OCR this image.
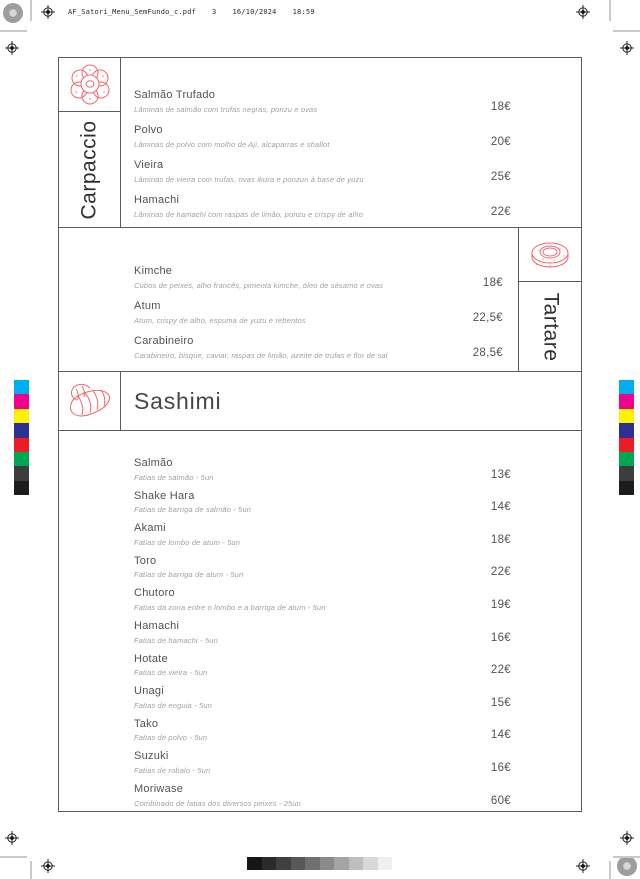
AF_Satori_Menu_SemFundo_c.pdf 3 16/10/2024 18:59
Carpaccio
Salmão Trufado
Lâminas de salmão com trufas negras, ponzu e ovas	18€
Polvo
Lâminas de polvo com molho de Aji, alcaparras e shallot	20€
Vieira
Lâminas de vieira com trufas, ovas ikura e ponzun à base de yuzu	25€
Hamachi
Lâminas de hamachi com raspas de limão, ponzu e crispy de alho	22€
Tartare
Kimche
Cubos de peixes, alho francês, pimenta kimche, óleo de sésamo e ovas	18€
Atum
Atum, crispy de alho, espuma de yuzu e rebentos	22,5€
Carabineiro
Carabineiro, bisque, caviar, raspas de limão, azeite de trufas e flor de sal	28,5€
Sashimi
Salmão
Fatias de salmão - 5un	13€
Shake Hara
Fatias de barriga de salmão - 5un	14€
Akami
Fatias de lombo de atum - 5un	18€
Toro
Fatias de barriga de atum - 5un	22€
Chutoro
Fatias da zona entre o lombo e a barriga de atum - 5un	19€
Hamachi
Fatias de hamachi - 5un	16€
Hotate
Fatias de vieira - 5un	22€
Unagi
Fatias de enguia - 5un	15€
Tako
Fatias de polvo - 5un	14€
Suzuki
Fatias de robalo - 5un	16€
Moriwase
Combinado de fatias dos diversos peixes - 25un	60€
